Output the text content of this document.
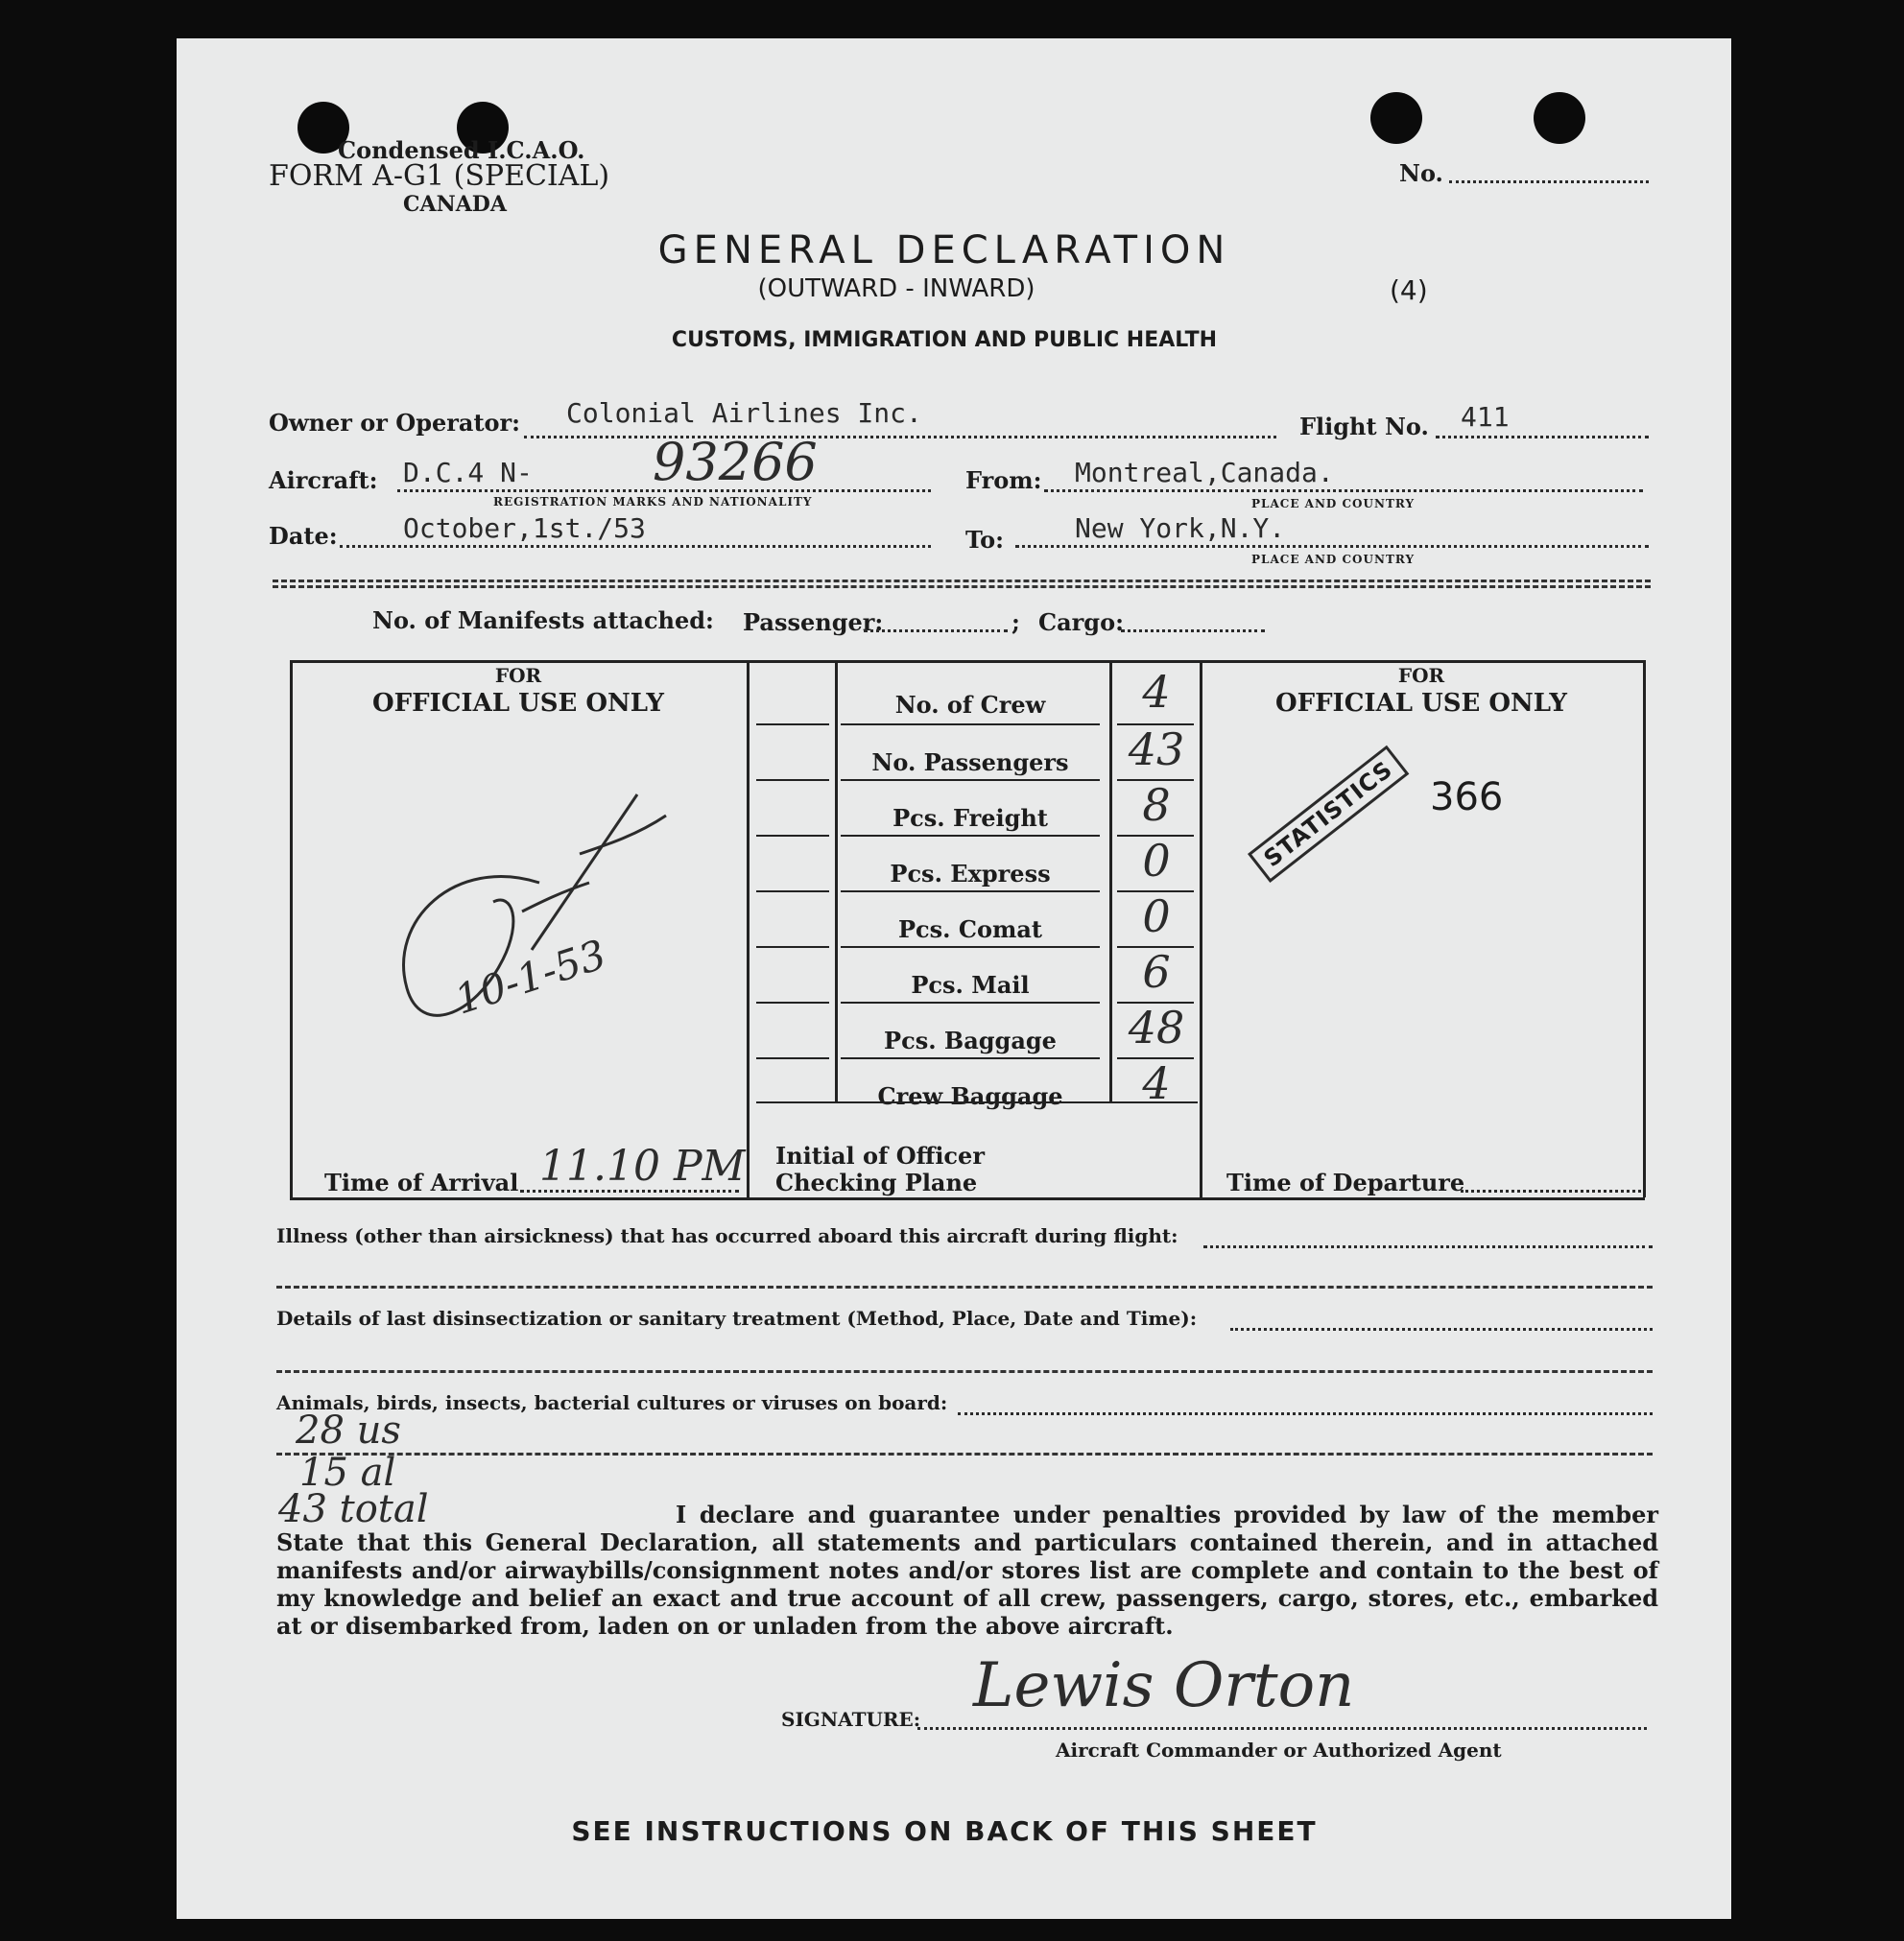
Condensed I.C.A.O.
FORM A-G1 (SPECIAL)
CANADA
No.
GENERAL DECLARATION
(OUTWARD - INWARD)	(4)
CUSTOMS, IMMIGRATION AND PUBLIC HEALTH
Owner or Operator: Colonial Airlines Inc.	Flight No. 411
Aircraft: D.C.4 N- 93266
REGISTRATION MARKS AND NATIONALITY
From: Montreal,Canada.
PLACE AND COUNTRY
Date: October,1st./53	To:	New York,N.Y.
PLACE AND COUNTRY
No. of Manifests attached: Passenger:	; Cargo:
FOR
OFFICIAL USE ONLY
10-1-53
Time of Arrival 11.10 PM
No. of Crew	4
No. Passengers	43
Pcs. Freight	8
Pcs. Express	0
Pcs. Comat	0
Pcs. Mail	6
Pcs. Baggage	48
Crew Baggage	4
Initial of Officer
Checking Plane
FOR
OFFICIAL USE ONLY
STATISTICS 366
Time of Departure
Illness (other than airsickness) that has occurred aboard this aircraft during flight:
Details of last disinsectization or sanitary treatment (Method, Place, Date and Time):
Animals, birds, insects, bacterial cultures or viruses on board:
28 us
15 al
43 total	I declare and guarantee under penalties provided by law of the member State that this General Declaration, all statements and particulars contained therein, and in attached manifests and/or airwaybills/consignment notes and/or stores list are complete and contain to the best of my knowledge and belief an exact and true account of all crew, passengers, cargo, stores, etc., embarked at or disembarked from, laden on or unladen from the above aircraft.
SIGNATURE: Lewis Orton
Aircraft Commander or Authorized Agent
SEE INSTRUCTIONS ON BACK OF THIS SHEET
